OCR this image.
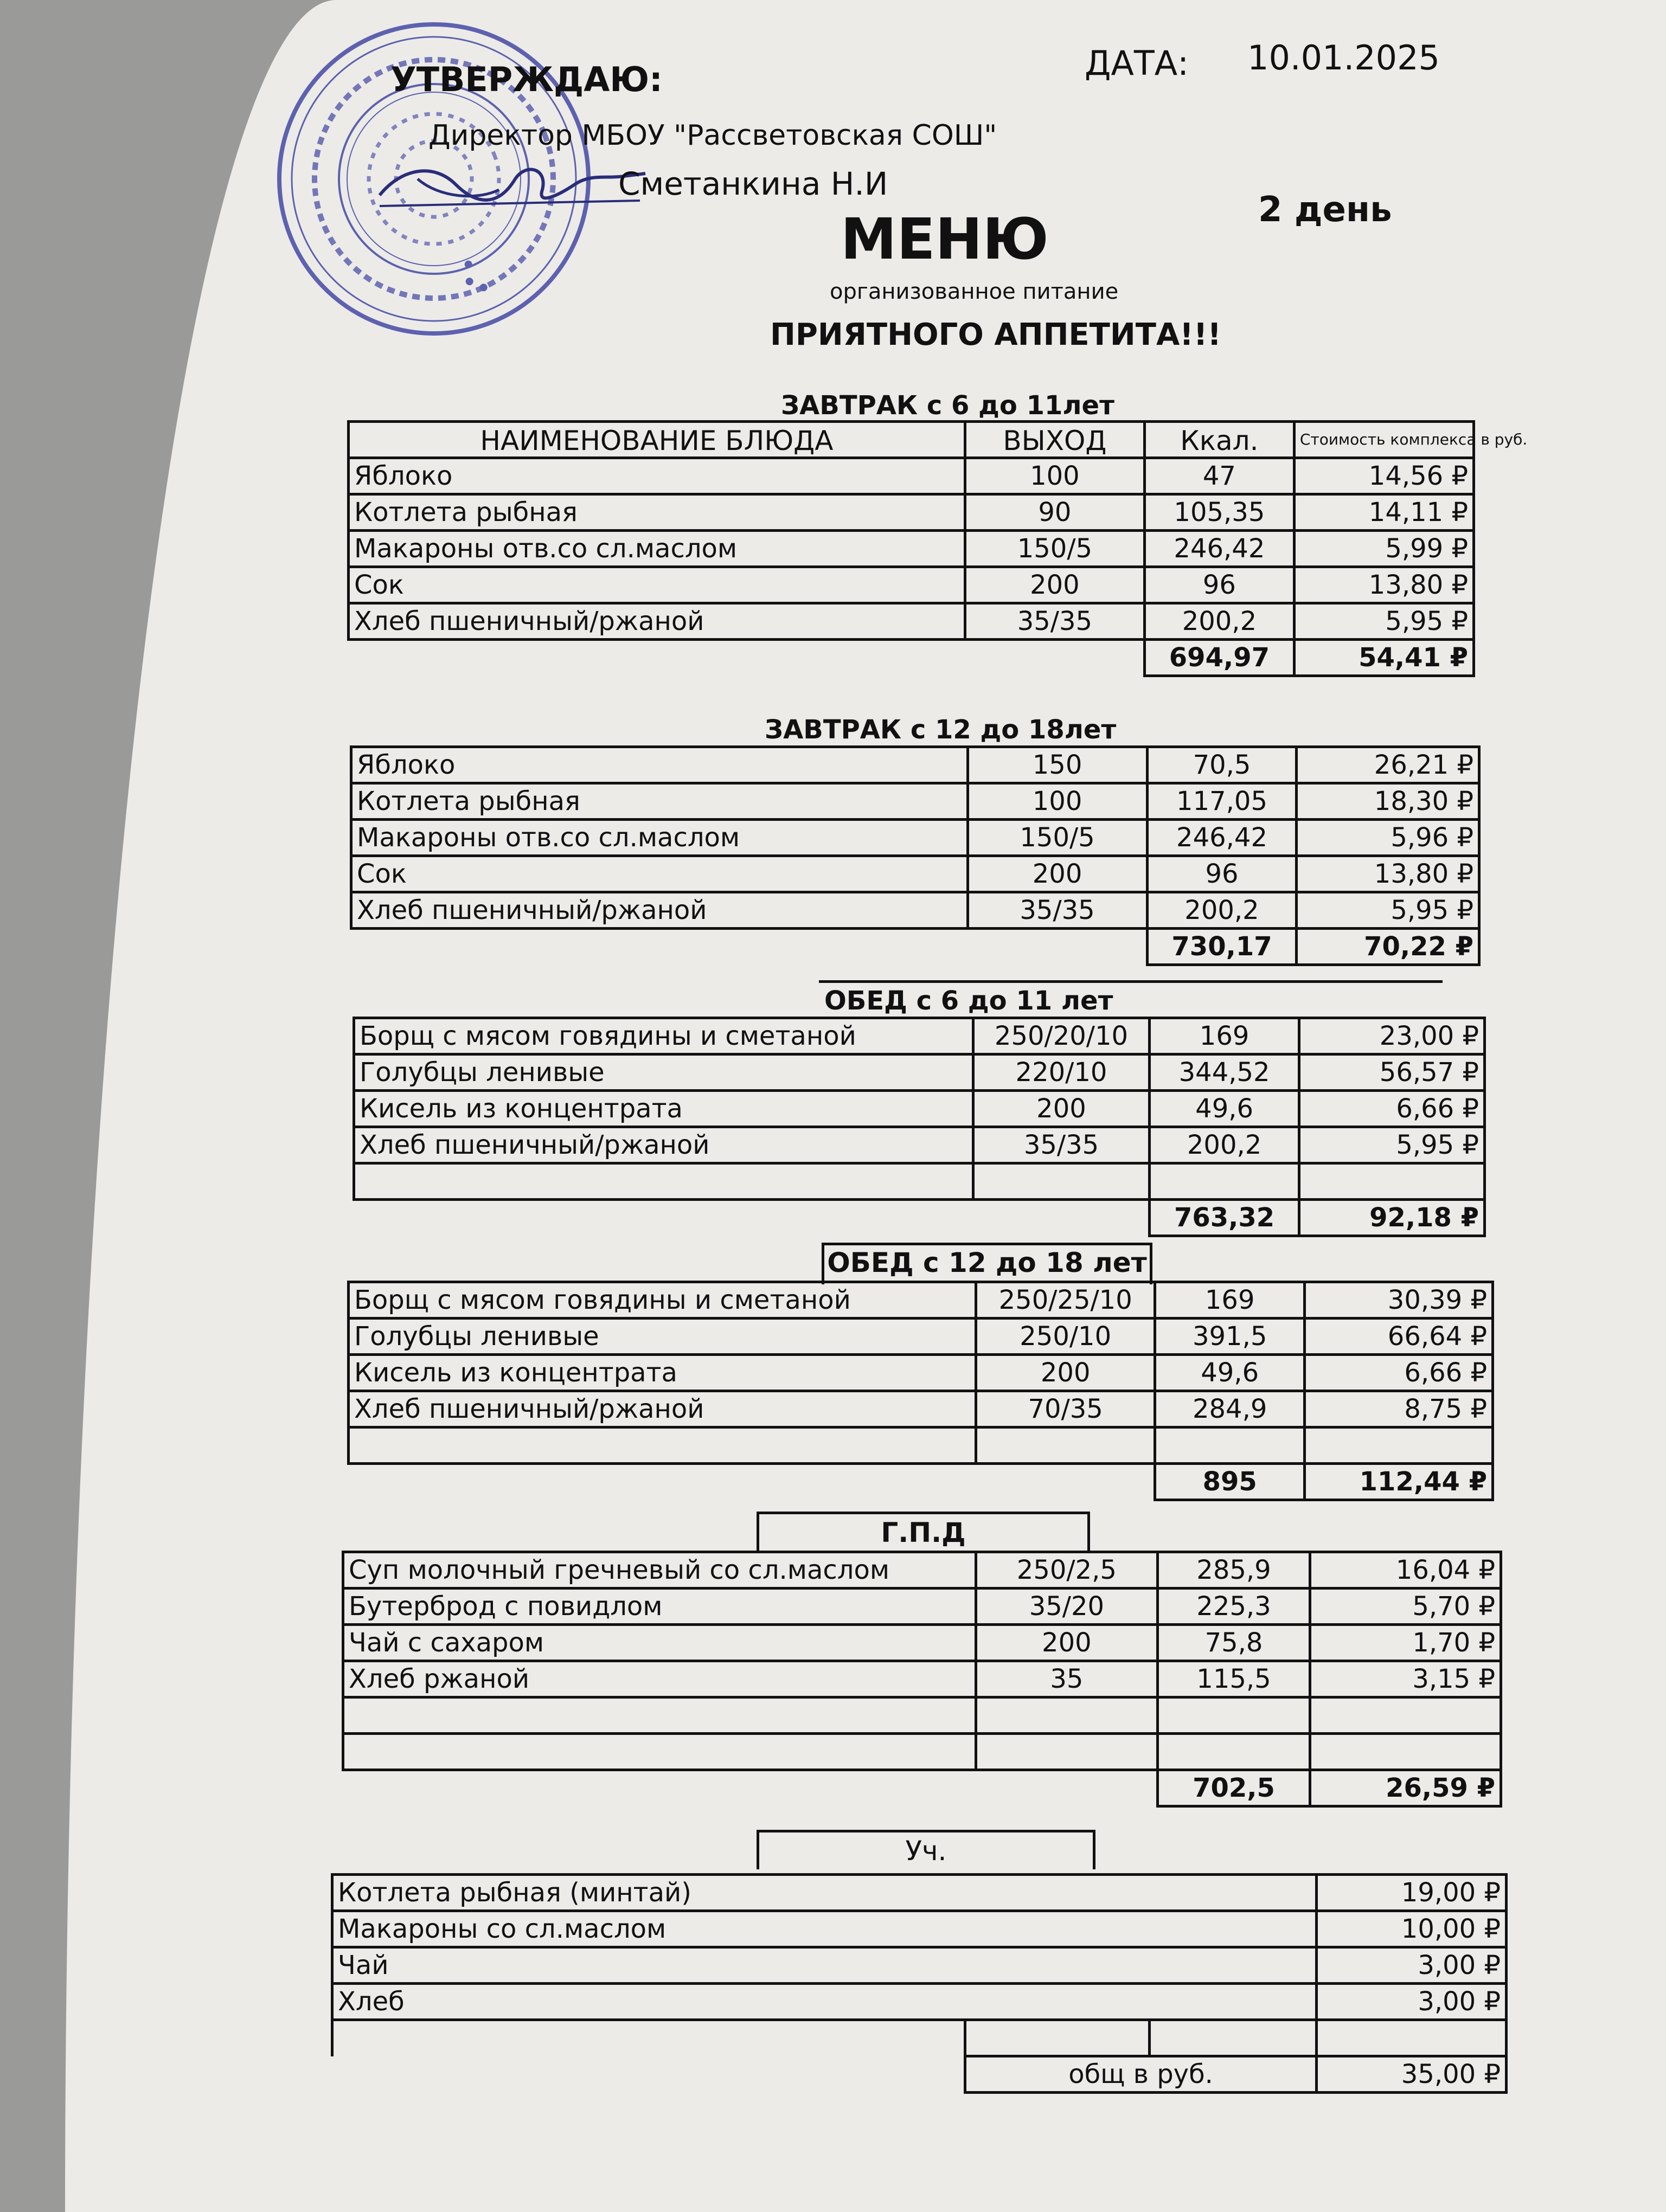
УТВЕРЖДАЮ:	ДАТА: 10.01.2025
Директор МБОУ "Рассветовская СОШ"
Сметанкина Н.И
2 день
МЕНЮ
организованное питание
ПРИЯТНОГО АППЕТИТА!!!
ЗАВТРАК с 6 до 11лет
НАИМЕНОВАНИЕ БЛЮДА	ВЫХОД	Ккал.	Стоимость комплекса в руб.
Яблоко	100	47	14,56 ₽
Котлета рыбная	90	105,35	14,11 ₽
Макароны отв.со сл.маслом	150/5	246,42	5,99 ₽
Сок	200	96	13,80 ₽
Хлеб пшеничный/ржаной	35/35	200,2	5,95 ₽
		694,97	54,41 ₽
ЗАВТРАК с 12 до 18лет
Яблоко	150	70,5	26,21 ₽
Котлета рыбная	100	117,05	18,30 ₽
Макароны отв.со сл.маслом	150/5	246,42	5,96 ₽
Сок	200	96	13,80 ₽
Хлеб пшеничный/ржаной	35/35	200,2	5,95 ₽
		730,17	70,22 ₽
ОБЕД с 6 до 11 лет
Борщ с мясом говядины и сметаной	250/20/10	169	23,00 ₽
Голубцы ленивые	220/10	344,52	56,57 ₽
Кисель из концентрата	200	49,6	6,66 ₽
Хлеб пшеничный/ржаной	35/35	200,2	5,95 ₽

		763,32	92,18 ₽
ОБЕД с 12 до 18 лет
Борщ с мясом говядины и сметаной	250/25/10	169	30,39 ₽
Голубцы ленивые	250/10	391,5	66,64 ₽
Кисель из концентрата	200	49,6	6,66 ₽
Хлеб пшеничный/ржаной	70/35	284,9	8,75 ₽

		895	112,44 ₽
Г.П.Д
Суп молочный гречневый со сл.маслом	250/2,5	285,9	16,04 ₽
Бутерброд с повидлом	35/20	225,3	5,70 ₽
Чай с сахаром	200	75,8	1,70 ₽
Хлеб ржаной	35	115,5	3,15 ₽

		702,5	26,59 ₽
Уч.
Котлета рыбная (минтай)			19,00 ₽
Макароны со сл.маслом			10,00 ₽
Чай			3,00 ₽
Хлеб			3,00 ₽

	общ в руб.		35,00 ₽
